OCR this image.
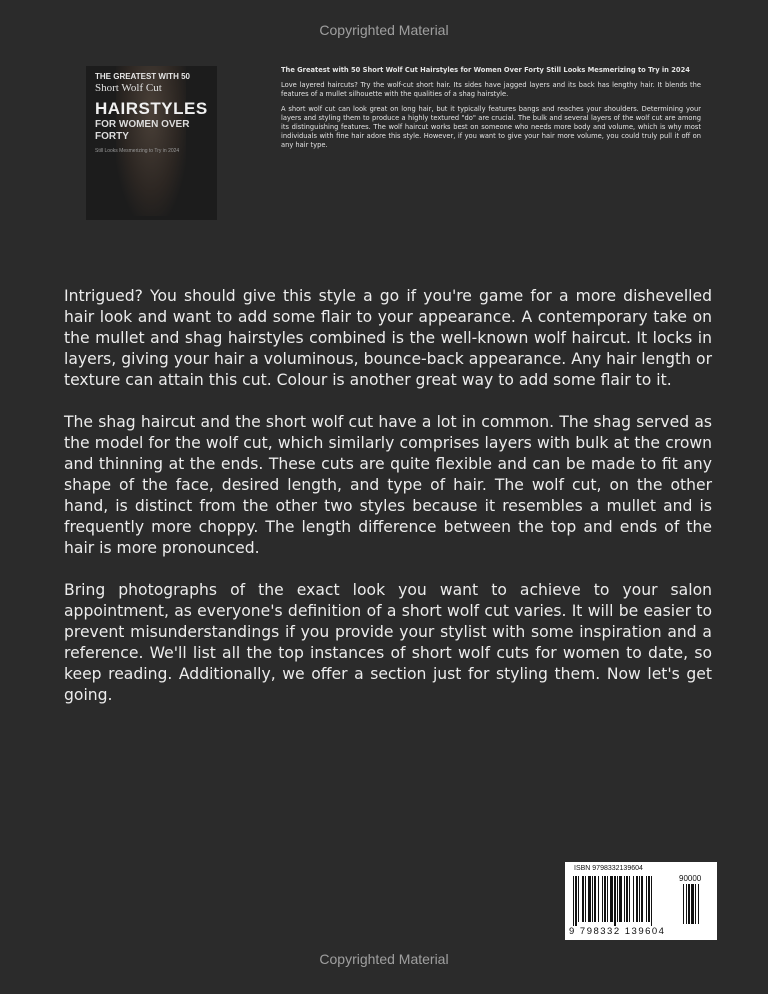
Copyrighted Material
THE GREATEST WITH 50
Short Wolf Cut
HAIRSTYLES
FOR WOMEN OVER
FORTY
Still Looks Mesmerizing to Try in 2024

The Greatest with 50 Short Wolf Cut Hairstyles for Women Over Forty Still Looks Mesmerizing to Try in 2024

Love layered haircuts? Try the wolf-cut short hair. Its sides have jagged layers and its back has lengthy hair. It blends the features of a mullet silhouette with the qualities of a shag hairstyle.

A short wolf cut can look great on long hair, but it typically features bangs and reaches your shoulders. Determining your layers and styling them to produce a highly textured "do" are crucial. The bulk and several layers of the wolf cut are among its distinguishing features. The wolf haircut works best on someone who needs more body and volume, which is why most individuals with fine hair adore this style. However, if you want to give your hair more volume, you could truly pull it off on any hair type.

Intrigued? You should give this style a go if you're game for a more dishevelled hair look and want to add some flair to your appearance. A contemporary take on the mullet and shag hairstyles combined is the well-known wolf haircut. It locks in layers, giving your hair a voluminous, bounce-back appearance. Any hair length or texture can attain this cut. Colour is another great way to add some flair to it.

The shag haircut and the short wolf cut have a lot in common. The shag served as the model for the wolf cut, which similarly comprises layers with bulk at the crown and thinning at the ends. These cuts are quite flexible and can be made to fit any shape of the face, desired length, and type of hair. The wolf cut, on the other hand, is distinct from the other two styles because it resembles a mullet and is frequently more choppy. The length difference between the top and ends of the hair is more pronounced.

Bring photographs of the exact look you want to achieve to your salon appointment, as everyone's definition of a short wolf cut varies. It will be easier to prevent misunderstandings if you provide your stylist with some inspiration and a reference. We'll list all the top instances of short wolf cuts for women to date, so keep reading. Additionally, we offer a section just for styling them. Now let's get going.

ISBN 9798332139604
90000
9 798332 139604
Copyrighted Material
